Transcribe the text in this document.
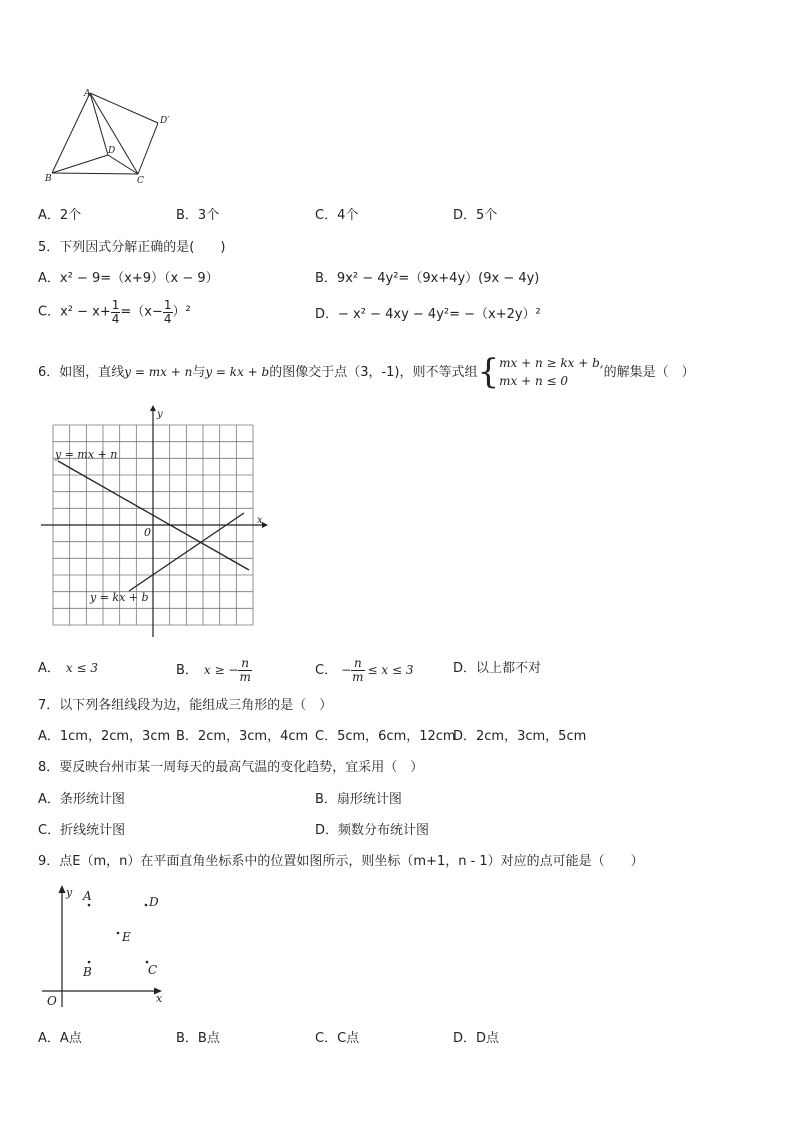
A
B	C
D
D′
A．2个	B．3个	C．4个	D．5个
5．下列因式分解正确的是(　　)
A．x² − 9=（x+9）（x − 9）	B．9x² − 4y²=（9x+4y）(9x − 4y)
C．$x^2 - x+ \frac{1}{4} =(x- \frac{1}{4} )^2$	D．− x² − 4xy − 4y²= −（x+2y）²
6．如图，直线 y = mx + n 与 y = kx + b 的图像交于点（3，-1)，则不等式组 { mx + n ≥ kx + b,
mx + n ≤ 0
的解集是（　）
y = mx + n
y = kx + b
0
x
y
A． x ≤ 3	B． x ≥ − $\frac{n}{m}$	C． − $\frac{n}{m} \le x \le 3$	D．以上都不对
7．以下列各组线段为边，能组成三角形的是（　）
A．1cm，2cm，3cm B．2cm，3cm，4cm C．5cm，6cm，12cm
D．2cm，3cm，5cm
8．要反映台州市某一周每天的最高气温的变化趋势，宜采用（　）
A．条形统计图	B．扇形统计图
C．折线统计图	D．频数分布统计图
9．点E（m，n）在平面直角坐标系中的位置如图所示，则坐标（m+1，n - 1）对应的点可能是（　　）
A
B	C
D
E
O	x
y
A．A点	B．B点	C．C点	D．D点
